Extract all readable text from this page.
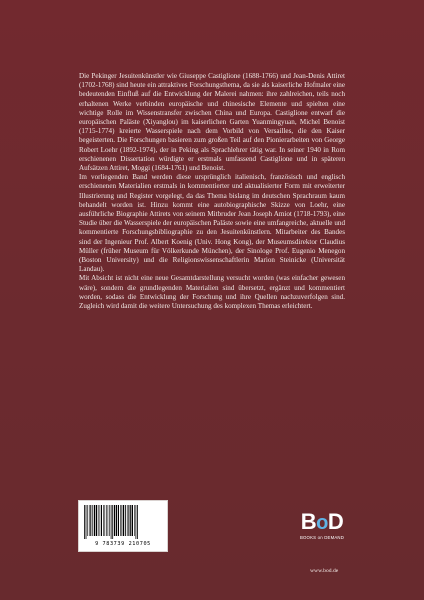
Die Pekinger Jesuitenkünstler wie Giuseppe Castiglione (1688-1766) und Jean-Denis Attiret (1702-1768) sind heute ein attraktives Forschungsthema, da sie als kaiserliche Hofmaler eine bedeutenden Einfluß auf die Entwicklung der Malerei nahmen: ihre zahlreichen, teils noch erhaltenen Werke verbinden europäische und chinesische Elemente und spielten eine wichtige Rolle im Wissenstransfer zwischen China und Europa. Castiglione entwarf die europäischen Paläste (Xiyanglou) im kaiserlichen Garten Yuanmingyuan, Michel Benoist (1715-1774) kreierte Wasserspiele nach dem Vorbild von Versailles, die den Kaiser begeisterten. Die Forschungen basieren zum großen Teil auf den Pionierarbeiten von George Robert Loehr (1892-1974), der in Peking als Sprachlehrer tätig war. In seiner 1940 in Rom erschienenen Dissertation würdigte er erstmals umfassend Castiglione und in späteren Aufsätzen Attiret, Moggi (1684-1761) und Benoist.

Im vorliegenden Band werden diese ursprünglich italienisch, französisch und englisch erschienenen Materialien erstmals in kommentierter und aktualisierter Form mit erweiterter Illustrierung und Register vorgelegt, da das Thema bislang im deutschen Sprachraum kaum behandelt worden ist. Hinzu kommt eine autobiographische Skizze von Loehr, eine ausführliche Biographie Attirets von seinem Mitbruder Jean Joseph Amiot (1718-1793), eine Studie über die Wasserspiele der europäischen Paläste sowie eine umfangreiche, aktuelle und kommentierte Forschungsbibliographie zu den Jesuitenkünstlern. Mitarbeiter des Bandes sind der Ingenieur Prof. Albert Koenig (Univ. Hong Kong), der Museumsdirektor Claudius Müller (früher Museum für Völkerkunde München), der Sinologe Prof. Eugenio Menegon (Boston University) und die Religionswissenschaftlerin Marion Steinicke (Universität Landau).

Mit Absicht ist nicht eine neue Gesamtdarstellung versucht worden (was einfacher gewesen wäre), sondern die grundlegenden Materialien sind übersetzt, ergänzt und kommentiert worden, sodass die Entwicklung der Forschung und ihre Quellen nachzuverfolgen sind. Zugleich wird damit die weitere Untersuchung des komplexen Themas erleichtert.

9 783739 210705
BoD
BOOKS on DEMAND
www.bod.de
